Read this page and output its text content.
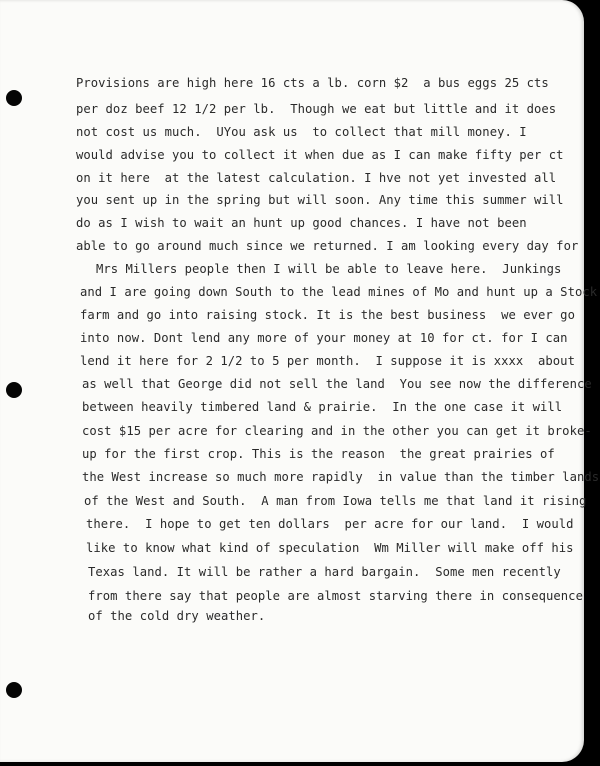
Provisions are high here 16 cts a lb. corn $2  a bus eggs 25 cts
per doz beef 12 1/2 per lb.  Though we eat but little and it does
not cost us much.  UYou ask us  to collect that mill money. I
would advise you to collect it when due as I can make fifty per ct
on it here  at the latest calculation. I hve not yet invested all
you sent up in the spring but will soon. Any time this summer will
do as I wish to wait an hunt up good chances. I have not been
able to go around much since we returned. I am looking every day for
Mrs Millers people then I will be able to leave here.  Junkings
and I are going down South to the lead mines of Mo and hunt up a Stock
farm and go into raising stock. It is the best business  we ever go
into now. Dont lend any more of your money at 10 for ct. for I can
lend it here for 2 1/2 to 5 per month.  I suppose it is xxxx  about
as well that George did not sell the land  You see now the difference
between heavily timbered land & prairie.  In the one case it will
cost $15 per acre for clearing and in the other you can get it broke-
up for the first crop. This is the reason  the great prairies of
the West increase so much more rapidly  in value than the timber lands
of the West and South.  A man from Iowa tells me that land it rising
there.  I hope to get ten dollars  per acre for our land.  I would
like to know what kind of speculation  Wm Miller will make off his
Texas land. It will be rather a hard bargain.  Some men recently
from there say that people are almost starving there in consequence
of the cold dry weather.
